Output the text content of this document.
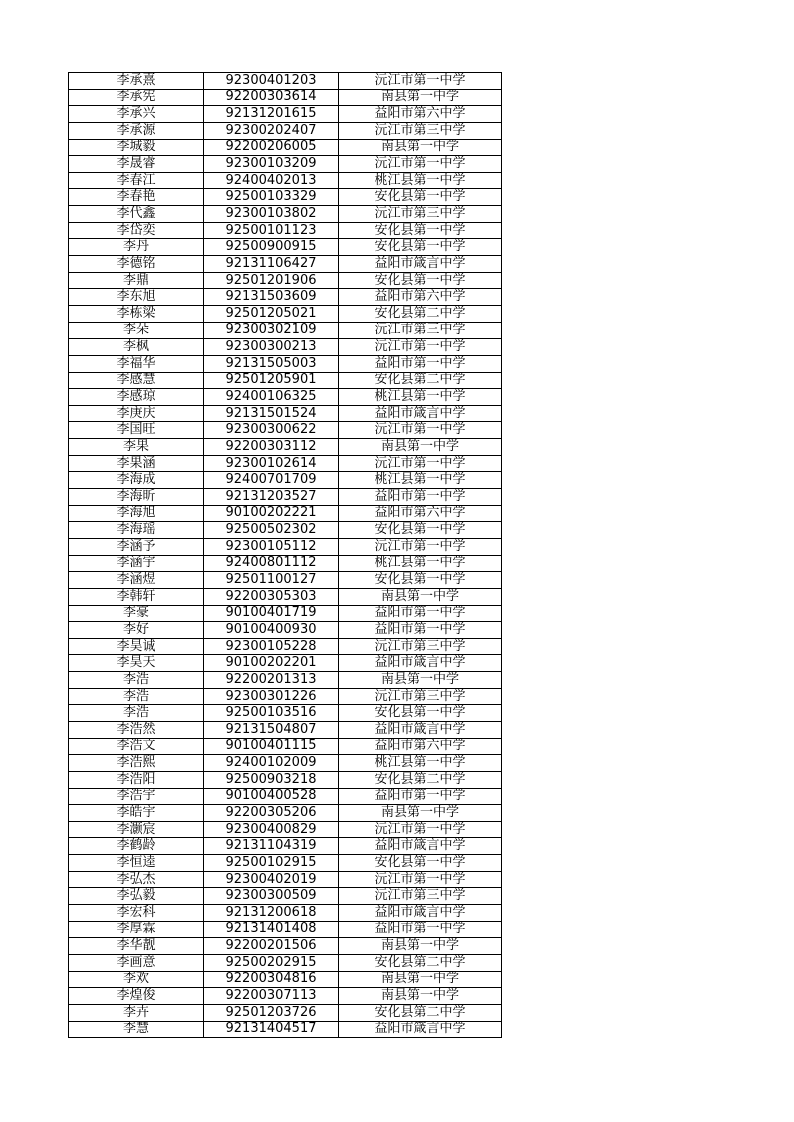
李承熹	92300401203	沅江市第一中学
李承宪	92200303614	南县第一中学
李承兴	92131201615	益阳市第六中学
李承源	92300202407	沅江市第三中学
李城毅	92200206005	南县第一中学
李晟睿	92300103209	沅江市第一中学
李春江	92400402013	桃江县第一中学
李春艳	92500103329	安化县第一中学
李代鑫	92300103802	沅江市第三中学
李岱奕	92500101123	安化县第一中学
李丹	92500900915	安化县第一中学
李德铭	92131106427	益阳市箴言中学
李鼎	92501201906	安化县第一中学
李东旭	92131503609	益阳市第六中学
李栋梁	92501205021	安化县第二中学
李朵	92300302109	沅江市第三中学
李枫	92300300213	沅江市第一中学
李福华	92131505003	益阳市第一中学
李感慧	92501205901	安化县第二中学
李感琼	92400106325	桃江县第一中学
李庚庆	92131501524	益阳市箴言中学
李国旺	92300300622	沅江市第一中学
李果	92200303112	南县第一中学
李果涵	92300102614	沅江市第一中学
李海成	92400701709	桃江县第一中学
李海昕	92131203527	益阳市第一中学
李海旭	90100202221	益阳市第六中学
李海瑶	92500502302	安化县第一中学
李涵予	92300105112	沅江市第一中学
李涵宇	92400801112	桃江县第一中学
李涵煜	92501100127	安化县第一中学
李韩轩	92200305303	南县第一中学
李豪	90100401719	益阳市第一中学
李好	90100400930	益阳市第一中学
李昊诚	92300105228	沅江市第三中学
李昊天	90100202201	益阳市箴言中学
李浩	92200201313	南县第一中学
李浩	92300301226	沅江市第三中学
李浩	92500103516	安化县第一中学
李浩然	92131504807	益阳市箴言中学
李浩文	90100401115	益阳市第六中学
李浩熙	92400102009	桃江县第一中学
李浩阳	92500903218	安化县第二中学
李浩宇	90100400528	益阳市第一中学
李皓宇	92200305206	南县第一中学
李灏宸	92300400829	沅江市第一中学
李鹤龄	92131104319	益阳市箴言中学
李恒逵	92500102915	安化县第一中学
李弘杰	92300402019	沅江市第一中学
李弘毅	92300300509	沅江市第三中学
李宏科	92131200618	益阳市箴言中学
李厚霖	92131401408	益阳市第一中学
李华靓	92200201506	南县第一中学
李画意	92500202915	安化县第二中学
李欢	92200304816	南县第一中学
李煌俊	92200307113	南县第一中学
李卉	92501203726	安化县第二中学
李慧	92131404517	益阳市箴言中学
